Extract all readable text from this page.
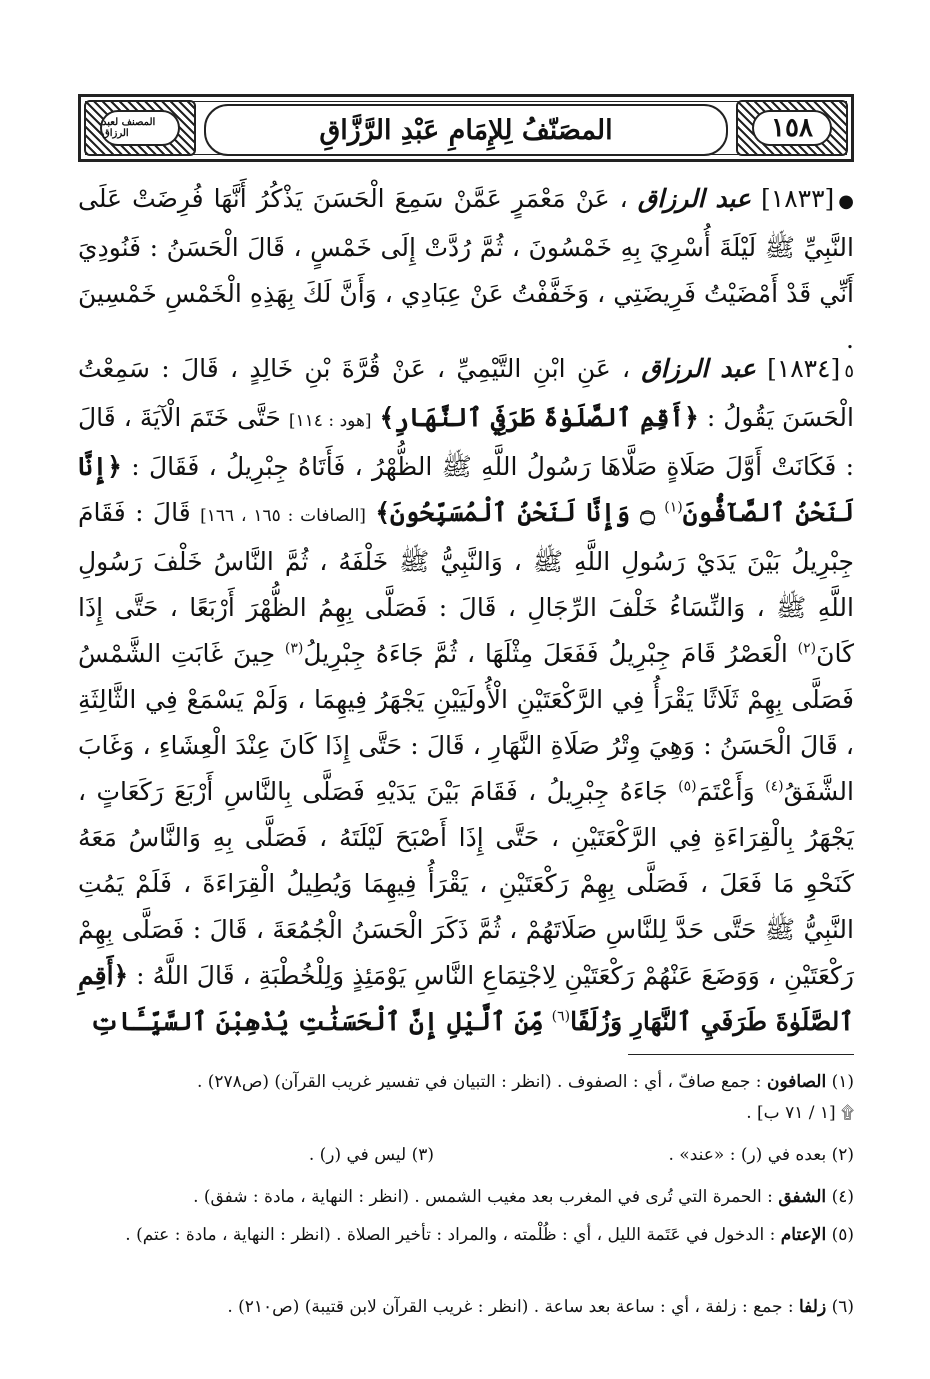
المصنف لعبد الرزاق	المصَنّفُ لِلإِمَامِ عَبْدِ الرَّزَّاقِ	١٥٨
●[١٨٣٣] عبد الرزاق ، عَنْ مَعْمَرٍ عَمَّنْ سَمِعَ الْحَسَنَ يَذْكُرُ أَنَّهَا فُرِضَتْ عَلَى النَّبِيِّ ﷺ لَيْلَةَ أُسْرِيَ بِهِ خَمْسُونَ ، ثُمَّ رُدَّتْ إِلَى خَمْسٍ ، قَالَ الْحَسَنُ : فَنُودِيَ أَنِّي قَدْ أَمْضَيْتُ فَرِيضَتِي ، وَخَفَّفْتُ عَنْ عِبَادِي ، وَأَنَّ لَكَ بِهَذِهِ الْخَمْسِ خَمْسِينَ .
٥[١٨٣٤] عبد الرزاق ، عَنِ ابْنِ التَّيْمِيِّ ، عَنْ قُرَّةَ بْنِ خَالِدٍ ، قَالَ : سَمِعْتُ الْحَسَنَ يَقُولُ : ﴿أَقِمِ ٱلصَّلَوٰةَ طَرَفَيِ ٱلنَّهَارِ﴾ [هود : ١١٤] حَتَّى خَتَمَ الْآيَةَ ، قَالَ : فَكَانَتْ أَوَّلَ صَلَاةٍ صَلَّاهَا رَسُولُ اللَّهِ ﷺ الظُّهْرُ ، فَأَتَاهُ جِبْرِيلُ ، فَقَالَ : ﴿إِنَّا لَنَحْنُ ٱلصَّآفُّونَ$^{(١)}$ ۝ وَإِنَّا لَنَحْنُ ٱلْمُسَبِّحُونَ﴾ [الصافات : ١٦٥ ، ١٦٦] قَالَ : فَقَامَ جِبْرِيلُ بَيْنَ يَدَيْ رَسُولِ اللَّهِ ﷺ ، وَالنَّبِيُّ ﷺ خَلْفَهُ ، ثُمَّ النَّاسُ خَلْفَ رَسُولِ اللَّهِ ﷺ ، وَالنِّسَاءُ خَلْفَ الرِّجَالِ ، قَالَ : فَصَلَّى بِهِمُ الظُّهْرَ أَرْبَعًا ، حَتَّى إِذَا كَانَ$^{(٢)}$ الْعَصْرُ قَامَ جِبْرِيلُ فَفَعَلَ مِثْلَهَا ، ثُمَّ جَاءَهُ جِبْرِيلُ$^{(٣)}$ حِينَ غَابَتِ الشَّمْسُ فَصَلَّى بِهِمْ ثَلَاثًا يَقْرَأُ فِي الرَّكْعَتَيْنِ الْأُولَيَيْنِ يَجْهَرُ فِيهِمَا ، وَلَمْ يَسْمَعْ فِي الثَّالِثَةِ ، قَالَ الْحَسَنُ : وَهِيَ وِتْرُ صَلَاةِ النَّهَارِ ، قَالَ : حَتَّى إِذَا كَانَ عِنْدَ الْعِشَاءِ ، وَغَابَ الشَّفَقُ$^{(٤)}$ وَأَعْتَمَ$^{(٥)}$ جَاءَهُ جِبْرِيلُ ، فَقَامَ بَيْنَ يَدَيْهِ فَصَلَّى بِالنَّاسِ أَرْبَعَ رَكَعَاتٍ ، يَجْهَرُ بِالْقِرَاءَةِ فِي الرَّكْعَتَيْنِ ، حَتَّى إِذَا أَصْبَحَ لَيْلَتَهُ ، فَصَلَّى بِهِ وَالنَّاسُ مَعَهُ كَنَحْوِ مَا فَعَلَ ، فَصَلَّى بِهِمْ رَكْعَتَيْنِ ، يَقْرَأُ فِيهِمَا وَيُطِيلُ الْقِرَاءَةَ ، فَلَمْ يَمُتِ النَّبِيُّ ﷺ حَتَّى حَدَّ لِلنَّاسِ صَلَاتَهُمْ ، ثُمَّ ذَكَرَ الْحَسَنُ الْجُمُعَةَ ، قَالَ : فَصَلَّى بِهِمْ رَكْعَتَيْنِ ، وَوَضَعَ عَنْهُمْ رَكْعَتَيْنِ لِاجْتِمَاعِ النَّاسِ يَوْمَئِذٍ وَلِلْخُطْبَةِ ، قَالَ اللَّهُ : ﴿أَقِمِ ٱلصَّلَوٰةَ طَرَفَيِ ٱلنَّهَارِ وَزُلَفًا$^{(٦)}$ مِّنَ ٱلَّيْلِ إِنَّ ٱلْحَسَنَٰتِ يُذْهِبْنَ ٱلسَّيِّـَٔاتِ
(١) الصافون : جمع صافّ ، أي : الصفوف . (انظر : التبيان في تفسير غريب القرآن) (ص٢٧٨) .
۩ [١ / ٧١ ب] .
(٢) بعده في (ر) : «عند» .
(٣) ليس في (ر) .
(٤) الشفق : الحمرة التي تُرى في المغرب بعد مغيب الشمس . (انظر : النهاية ، مادة : شفق) .
(٥) الإعتام : الدخول في عَتَمة الليل ، أي : ظُلْمته ، والمراد : تأخير الصلاة . (انظر : النهاية ، مادة : عتم) .
(٦) زلفا : جمع : زلفة ، أي : ساعة بعد ساعة . (انظر : غريب القرآن لابن قتيبة) (ص٢١٠) .
